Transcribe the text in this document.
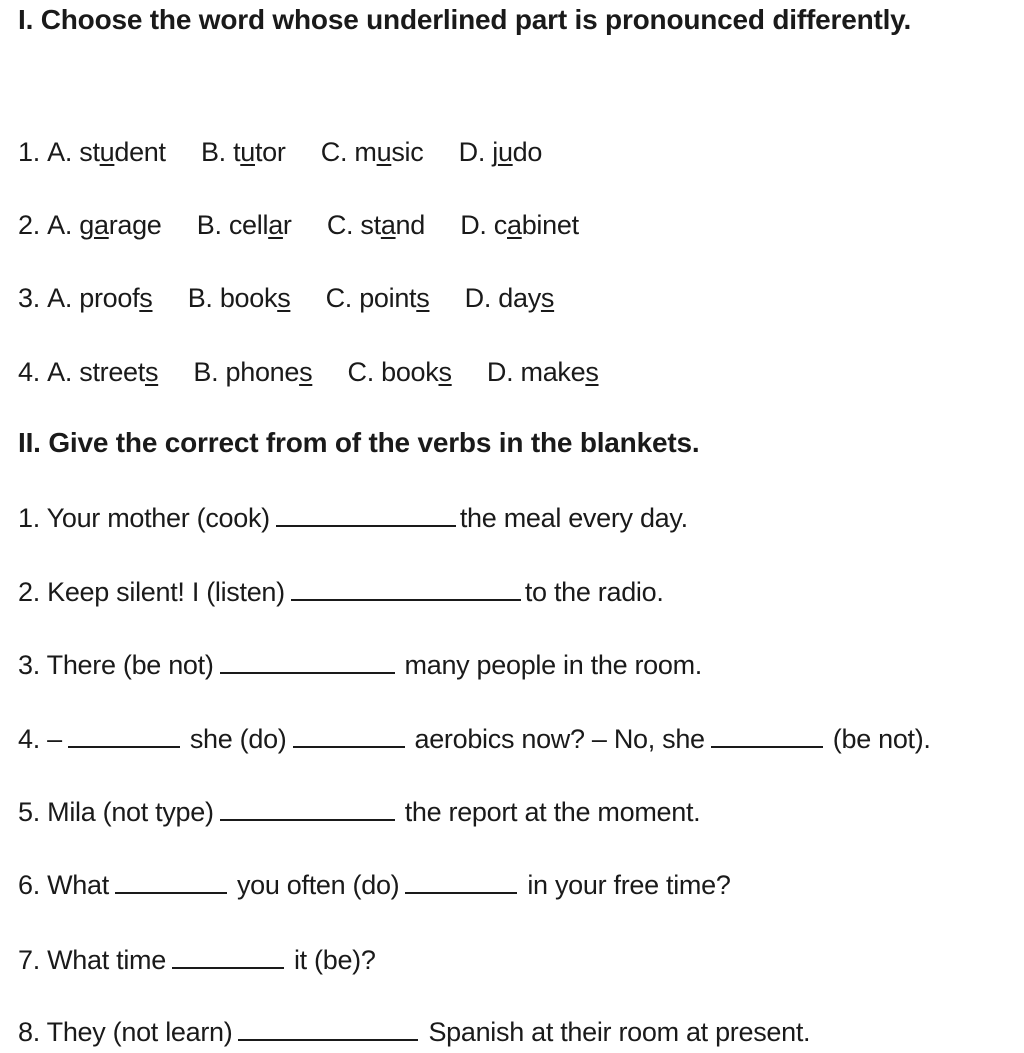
I. Choose the word whose underlined part is pronounced differently.
1. A. student B. tutor C. music D. judo
2. A. garage B. cellar C. stand D. cabinet
3. A. proofs B. books C. points D. days
4. A. streets B. phones C. books D. makes
II. Give the correct from of the verbs in the blankets.
1. Your mother (cook)	the meal every day.
2. Keep silent! I (listen)	to the radio.
3. There (be not)	many people in the room.
4. –	she (do)	aerobics now? – No, she	(be not).
5. Mila (not type)	the report at the moment.
6. What	you often (do)	in your free time?
7. What time	it (be)?
8. They (not learn)	Spanish at their room at present.
